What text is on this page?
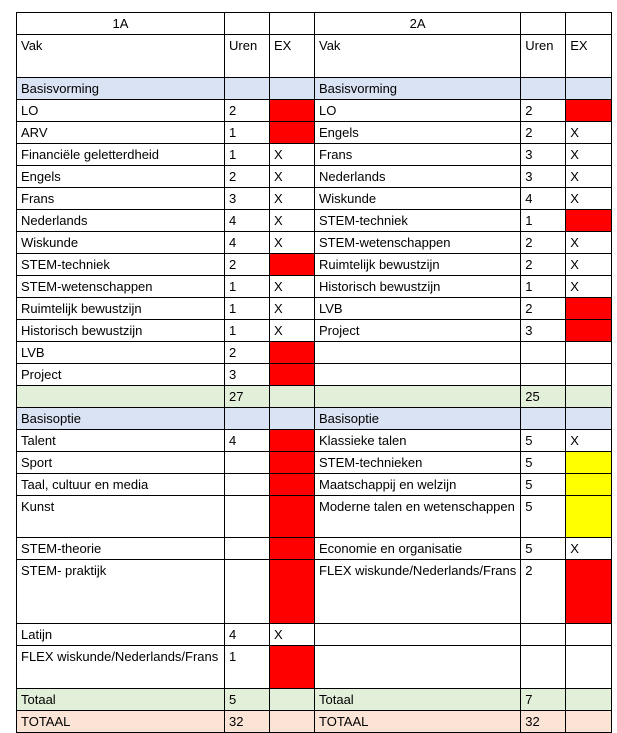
1A			2A		
Vak	Uren	EX	Vak	Uren	EX
Basisvorming			Basisvorming		
LO	2		LO	2	
ARV	1		Engels	2	X
Financiële geletterdheid	1	X	Frans	3	X
Engels	2	X	Nederlands	3	X
Frans	3	X	Wiskunde	4	X
Nederlands	4	X	STEM-techniek	1	
Wiskunde	4	X	STEM-wetenschappen	2	X
STEM-techniek	2		Ruimtelijk bewustzijn	2	X
STEM-wetenschappen	1	X	Historisch bewustzijn	1	X
Ruimtelijk bewustzijn	1	X	LVB	2	
Historisch bewustzijn	1	X	Project	3	
LVB	2				
Project	3				
	27			25	
Basisoptie			Basisoptie		
Talent	4		Klassieke talen	5	X
Sport			STEM-technieken	5	
Taal, cultuur en media			Maatschappij en welzijn	5	
Kunst			Moderne talen en wetenschappen	5	
STEM-theorie			Economie en organisatie	5	X
STEM- praktijk			FLEX wiskunde/Nederlands/Frans	2	
Latijn	4	X			
FLEX wiskunde/Nederlands/Frans	1				
Totaal	5		Totaal	7	
TOTAAL	32		TOTAAL	32	
